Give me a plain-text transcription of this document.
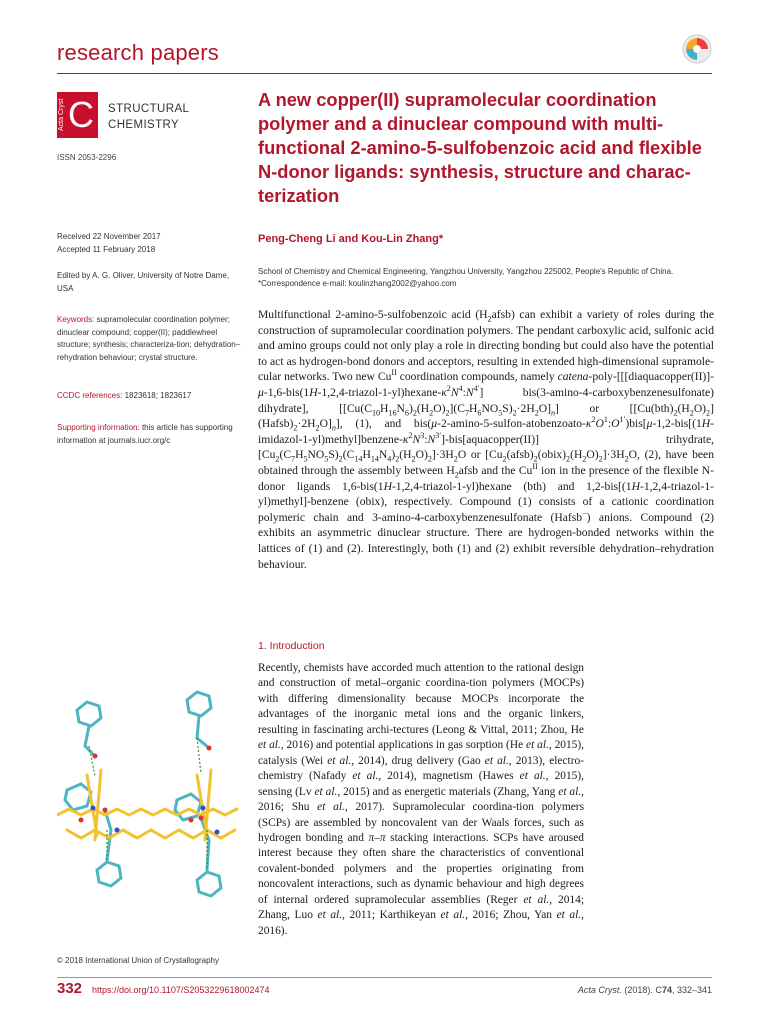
research papers
Acta Cryst C STRUCTURAL
CHEMISTRY
ISSN 2053-2296
A new copper(II) supramolecular coordination polymer and a dinuclear compound with multi-functional 2-amino-5-sulfobenzoic acid and flexible N-donor ligands: synthesis, structure and charac-terization
Received 22 November 2017
Accepted 11 February 2018
Edited by A. G. Oliver, University of Notre Dame, USA
Keywords: supramolecular coordination polymer; dinuclear compound; copper(II); paddlewheel structure; synthesis; characteriza-tion; dehydration–rehydration behaviour; crystal structure.
CCDC references: 1823618; 1823617
Supporting information: this article has supporting information at journals.iucr.org/c
Peng-Cheng Li and Kou-Lin Zhang*
School of Chemistry and Chemical Engineering, Yangzhou University, Yangzhou 225002, People's Republic of China.
*Correspondence e-mail: koulinzhang2002@yahoo.com

Multifunctional 2-amino-5-sulfobenzoic acid $(H_2afsb)$ can exhibit a variety of roles during the construction of supramolecular coordination polymers. The pendant carboxylic acid, sulfonic acid and amino groups could not only play a role in directing bonding but could also have the potential to act as hydrogen-bond donors and acceptors, resulting in extended high-dimensional supramole-cular networks. Two new $Cu^{II}$ coordination compounds, namely catena-$poly-[[[diaquacopper(II)]-\mu-1,6-bis(1H-1,2,4-triazol-1-yl)hexane-\kappa^2N^4:N^{4'}]$ bis(3-amino-4-carboxybenzenesulfonate) dihydrate], $[[Cu(C_{10}H_{16}N_6)_2(H_2O)_2](C_7H_6NO_5S)_2\cdot 2H_2O]_n$] or $[[Cu(bth)_2(H_2O)_2](Hafsb)_2\cdot 2H_2O]_n$], (1), and $bis(\mu-2-amino-5-sulfon-atobenzoato-\kappa^2O^1:O^{1'})bis[\mu-1,2-bis[(1H-imidazol-1-yl)methyl]benzene-\kappa^2N^3:N^{3'}]-bis[aquacopper(II)]$ trihydrate, $[Cu_2(C_7H_5NO_5S)_2(C_{14}H_{14}N_4)_2(H_2O)_2]\cdot 3H_2O$ or $[Cu_2(afsb)_2(obix)_2(H_2O)_2]\cdot 3H_2O$, (2), have been obtained through the assembly between $H_2afsb$ and the $Cu^{II}$ ion in the presence of the flexible N-donor ligands 1,6-bis(1H-1,2,4-triazol-1-yl)hexane (bth) and 1,2-bis[(1H-1,2,4-triazol-1-yl)methyl]-benzene (obix), respectively. Compound (1) consists of a cationic coordination polymeric chain and 3-amino-4-carboxybenzenesulfonate (Hafsb−) anions. Compound (2) exhibits an asymmetric dinuclear structure. There are hydrogen-bonded networks within the lattices of (1) and (2). Interestingly, both (1) and (2) exhibit reversible dehydration–rehydration behaviour.

1. Introduction

Recently, chemists have accorded much attention to the rational design and construction of metal–organic coordina-tion polymers (MOCPs) with differing dimensionality because MOCPs incorporate the advantages of the inorganic metal ions and the organic linkers, resulting in fascinating archi-tectures (Leong & Vittal, 2011; Zhou, He et al., 2016) and potential applications in gas sorption (He et al., 2015), catalysis (Wei et al., 2014), drug delivery (Gao et al., 2013), electro-chemistry (Nafady et al., 2014), magnetism (Hawes et al., 2015), sensing (Lv et al., 2015) and as energetic materials (Zhang, Yang et al., 2016; Shu et al., 2017). Supramolecular coordina-tion polymers (SCPs) are assembled by noncovalent van der Waals forces, such as hydrogen bonding and π–π stacking interactions. SCPs have aroused interest because they often share the characteristics of conventional covalent-bonded polymers and the properties originating from noncovalent interactions, such as dynamic behaviour and high degrees of internal ordered supramolecular assemblies (Reger et al., 2014; Zhang, Luo et al., 2011; Karthikeyan et al., 2016; Zhou, Yan et al., 2016).

© 2018 International Union of Crystallography
332 https://doi.org/10.1107/S2053229618002474	Acta Cryst. (2018). C74, 332–341
